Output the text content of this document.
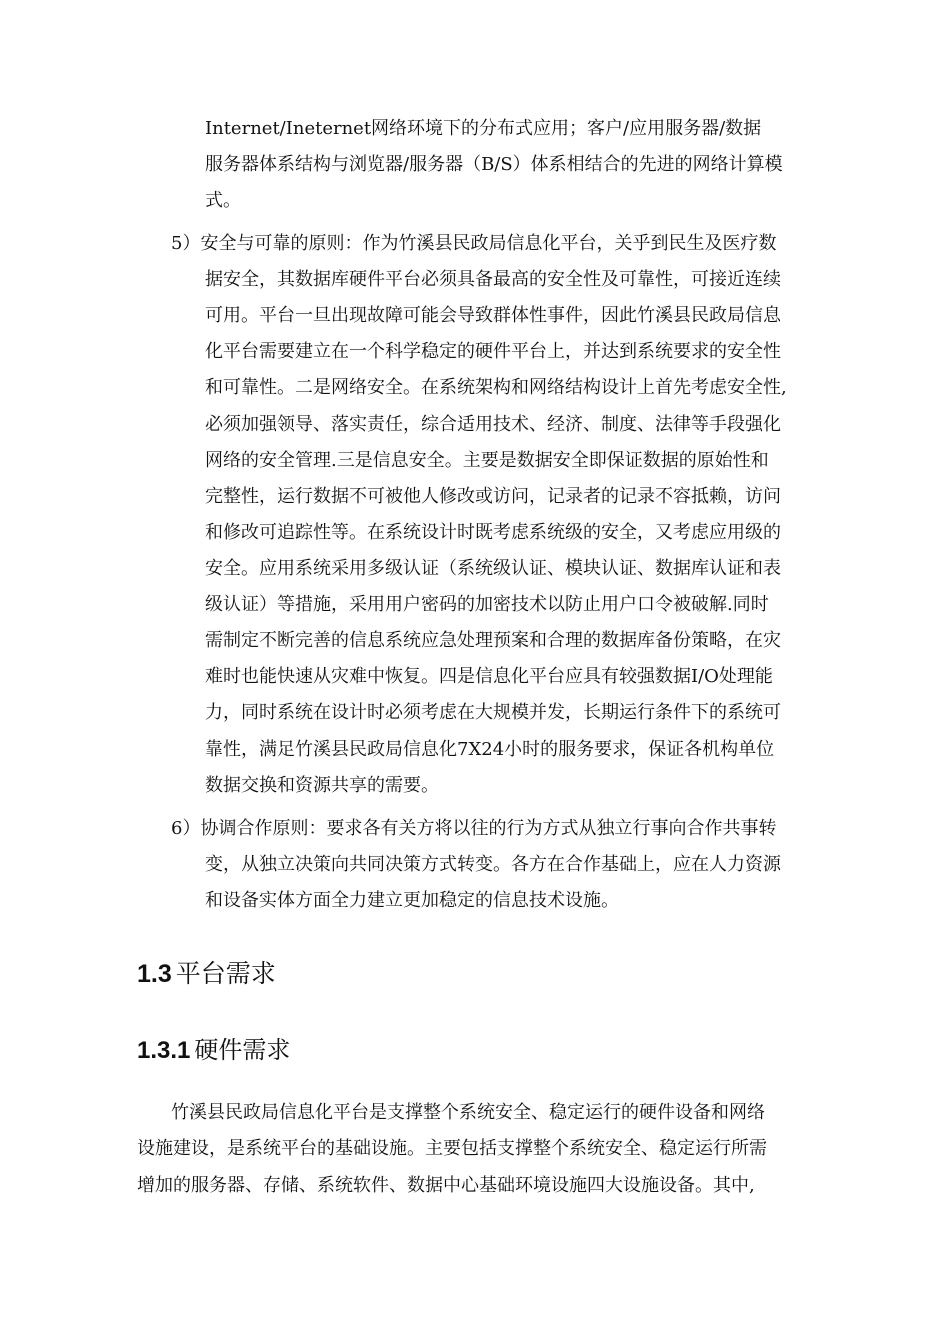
Internet/Ineternet网络环境下的分布式应用；客户/应用服务器/数据
服务器体系结构与浏览器/服务器（B/S）体系相结合的先进的网络计算模
式。
5）安全与可靠的原则：作为竹溪县民政局信息化平台，关乎到民生及医疗数
据安全，其数据库硬件平台必须具备最高的安全性及可靠性，可接近连续
可用。平台一旦出现故障可能会导致群体性事件，因此竹溪县民政局信息
化平台需要建立在一个科学稳定的硬件平台上，并达到系统要求的安全性
和可靠性。二是网络安全。在系统架构和网络结构设计上首先考虑安全性,
必须加强领导、落实责任，综合适用技术、经济、制度、法律等手段强化
网络的安全管理.三是信息安全。主要是数据安全即保证数据的原始性和
完整性，运行数据不可被他人修改或访问，记录者的记录不容抵赖，访问
和修改可追踪性等。在系统设计时既考虑系统级的安全，又考虑应用级的
安全。应用系统采用多级认证（系统级认证、模块认证、数据库认证和表
级认证）等措施，采用用户密码的加密技术以防止用户口令被破解.同时
需制定不断完善的信息系统应急处理预案和合理的数据库备份策略，在灾
难时也能快速从灾难中恢复。四是信息化平台应具有较强数据I/O处理能
力，同时系统在设计时必须考虑在大规模并发，长期运行条件下的系统可
靠性，满足竹溪县民政局信息化7X24小时的服务要求，保证各机构单位
数据交换和资源共享的需要。
6）协调合作原则：要求各有关方将以往的行为方式从独立行事向合作共事转
变，从独立决策向共同决策方式转变。各方在合作基础上，应在人力资源
和设备实体方面全力建立更加稳定的信息技术设施。
1.3 平台需求
1.3.1 硬件需求
竹溪县民政局信息化平台是支撑整个系统安全、稳定运行的硬件设备和网络
设施建设，是系统平台的基础设施。主要包括支撑整个系统安全、稳定运行所需
增加的服务器、存储、系统软件、数据中心基础环境设施四大设施设备。其中,
